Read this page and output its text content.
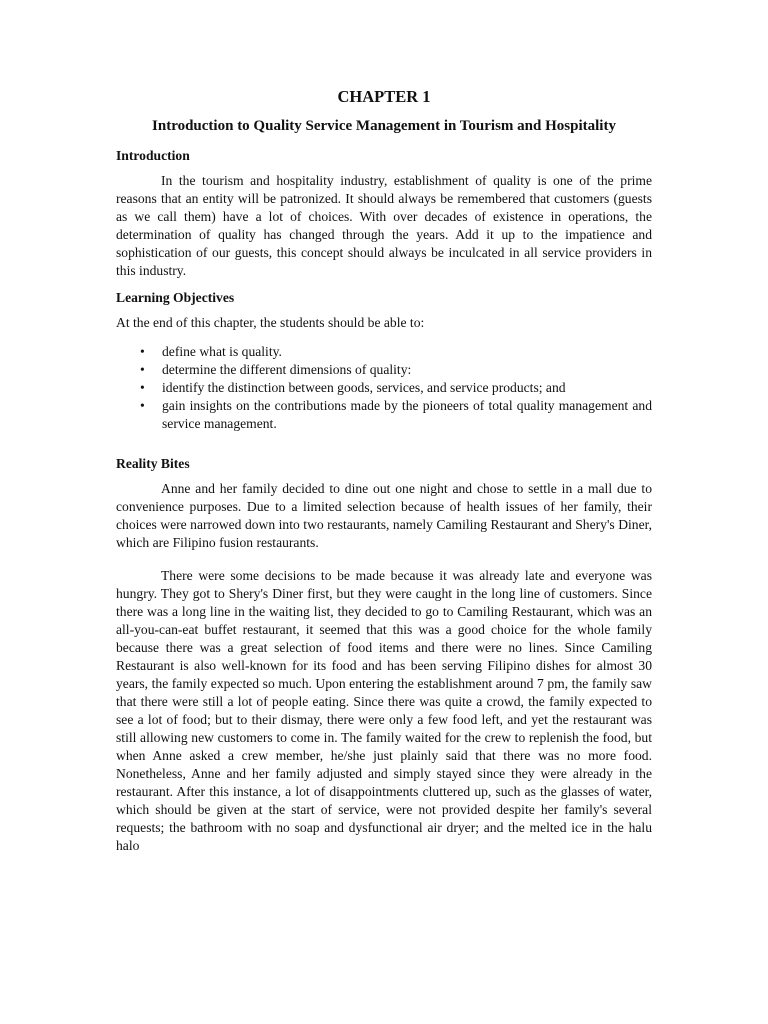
CHAPTER 1
Introduction to Quality Service Management in Tourism and Hospitality
Introduction

In the tourism and hospitality industry, establishment of quality is one of the prime reasons that an entity will be patronized. It should always be remembered that customers (guests as we call them) have a lot of choices. With over decades of existence in operations, the determination of quality has changed through the years. Add it up to the impatience and sophistication of our guests, this concept should always be inculcated in all service providers in this industry.

Learning Objectives

At the end of this chapter, the students should be able to:

• define what is quality.
• determine the different dimensions of quality:
• identify the distinction between goods, services, and service products; and
• gain insights on the contributions made by the pioneers of total quality management and service management.
Reality Bites

Anne and her family decided to dine out one night and chose to settle in a mall due to convenience purposes. Due to a limited selection because of health issues of her family, their choices were narrowed down into two restaurants, namely Camiling Restaurant and Shery's Diner, which are Filipino fusion restaurants.

There were some decisions to be made because it was already late and everyone was hungry. They got to Shery's Diner first, but they were caught in the long line of customers. Since there was a long line in the waiting list, they decided to go to Camiling Restaurant, which was an all-you-can-eat buffet restaurant, it seemed that this was a good choice for the whole family because there was a great selection of food items and there were no lines. Since Camiling Restaurant is also well-known for its food and has been serving Filipino dishes for almost 30 years, the family expected so much. Upon entering the establishment around 7 pm, the family saw that there were still a lot of people eating. Since there was quite a crowd, the family expected to see a lot of food; but to their dismay, there were only a few food left, and yet the restaurant was still allowing new customers to come in. The family waited for the crew to replenish the food, but when Anne asked a crew member, he/she just plainly said that there was no more food. Nonetheless, Anne and her family adjusted and simply stayed since they were already in the restaurant. After this instance, a lot of disappointments cluttered up, such as the glasses of water, which should be given at the start of service, were not provided despite her family's several requests; the bathroom with no soap and dysfunctional air dryer; and the melted ice in the halu halo
